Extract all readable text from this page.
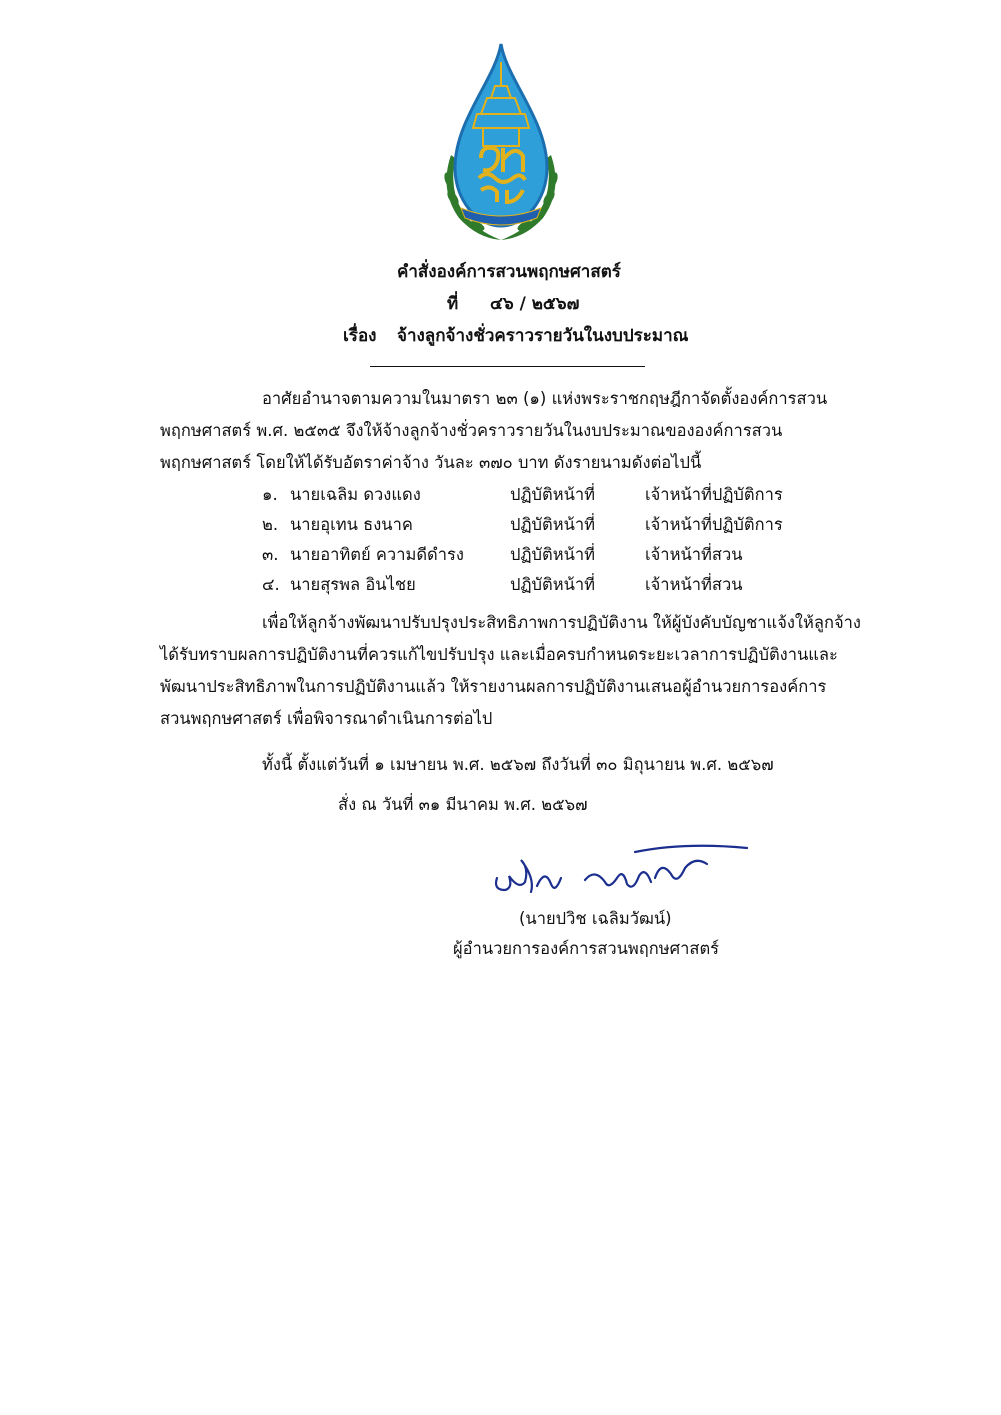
คำสั่งองค์การสวนพฤกษศาสตร์
ที่ ๔๖ / ๒๕๖๗
เรื่อง จ้างลูกจ้างชั่วคราวรายวันในงบประมาณ
อาศัยอำนาจตามความในมาตรา ๒๓ (๑) แห่งพระราชกฤษฎีกาจัดตั้งองค์การสวน
พฤกษศาสตร์ พ.ศ. ๒๕๓๕ จึงให้จ้างลูกจ้างชั่วคราวรายวันในงบประมาณขององค์การสวน
พฤกษศาสตร์ โดยให้ได้รับอัตราค่าจ้าง วันละ ๓๗๐ บาท ดังรายนามดังต่อไปนี้
๑. นายเฉลิม ดวงแดง	ปฏิบัติหน้าที่	เจ้าหน้าที่ปฏิบัติการ
๒. นายอุเทน ธงนาค	ปฏิบัติหน้าที่	เจ้าหน้าที่ปฏิบัติการ
๓. นายอาทิตย์ ความดีดำรง	ปฏิบัติหน้าที่	เจ้าหน้าที่สวน
๔. นายสุรพล อินไชย	ปฏิบัติหน้าที่	เจ้าหน้าที่สวน
เพื่อให้ลูกจ้างพัฒนาปรับปรุงประสิทธิภาพการปฏิบัติงาน ให้ผู้บังคับบัญชาแจ้งให้ลูกจ้าง
ได้รับทราบผลการปฏิบัติงานที่ควรแก้ไขปรับปรุง และเมื่อครบกำหนดระยะเวลาการปฏิบัติงานและ
พัฒนาประสิทธิภาพในการปฏิบัติงานแล้ว ให้รายงานผลการปฏิบัติงานเสนอผู้อำนวยการองค์การ
สวนพฤกษศาสตร์ เพื่อพิจารณาดำเนินการต่อไป
ทั้งนี้ ตั้งแต่วันที่ ๑ เมษายน พ.ศ. ๒๕๖๗ ถึงวันที่ ๓๐ มิถุนายน พ.ศ. ๒๕๖๗
สั่ง ณ วันที่ ๓๑ มีนาคม พ.ศ. ๒๕๖๗
(นายปวิช เฉลิมวัฒน์)
ผู้อำนวยการองค์การสวนพฤกษศาสตร์
